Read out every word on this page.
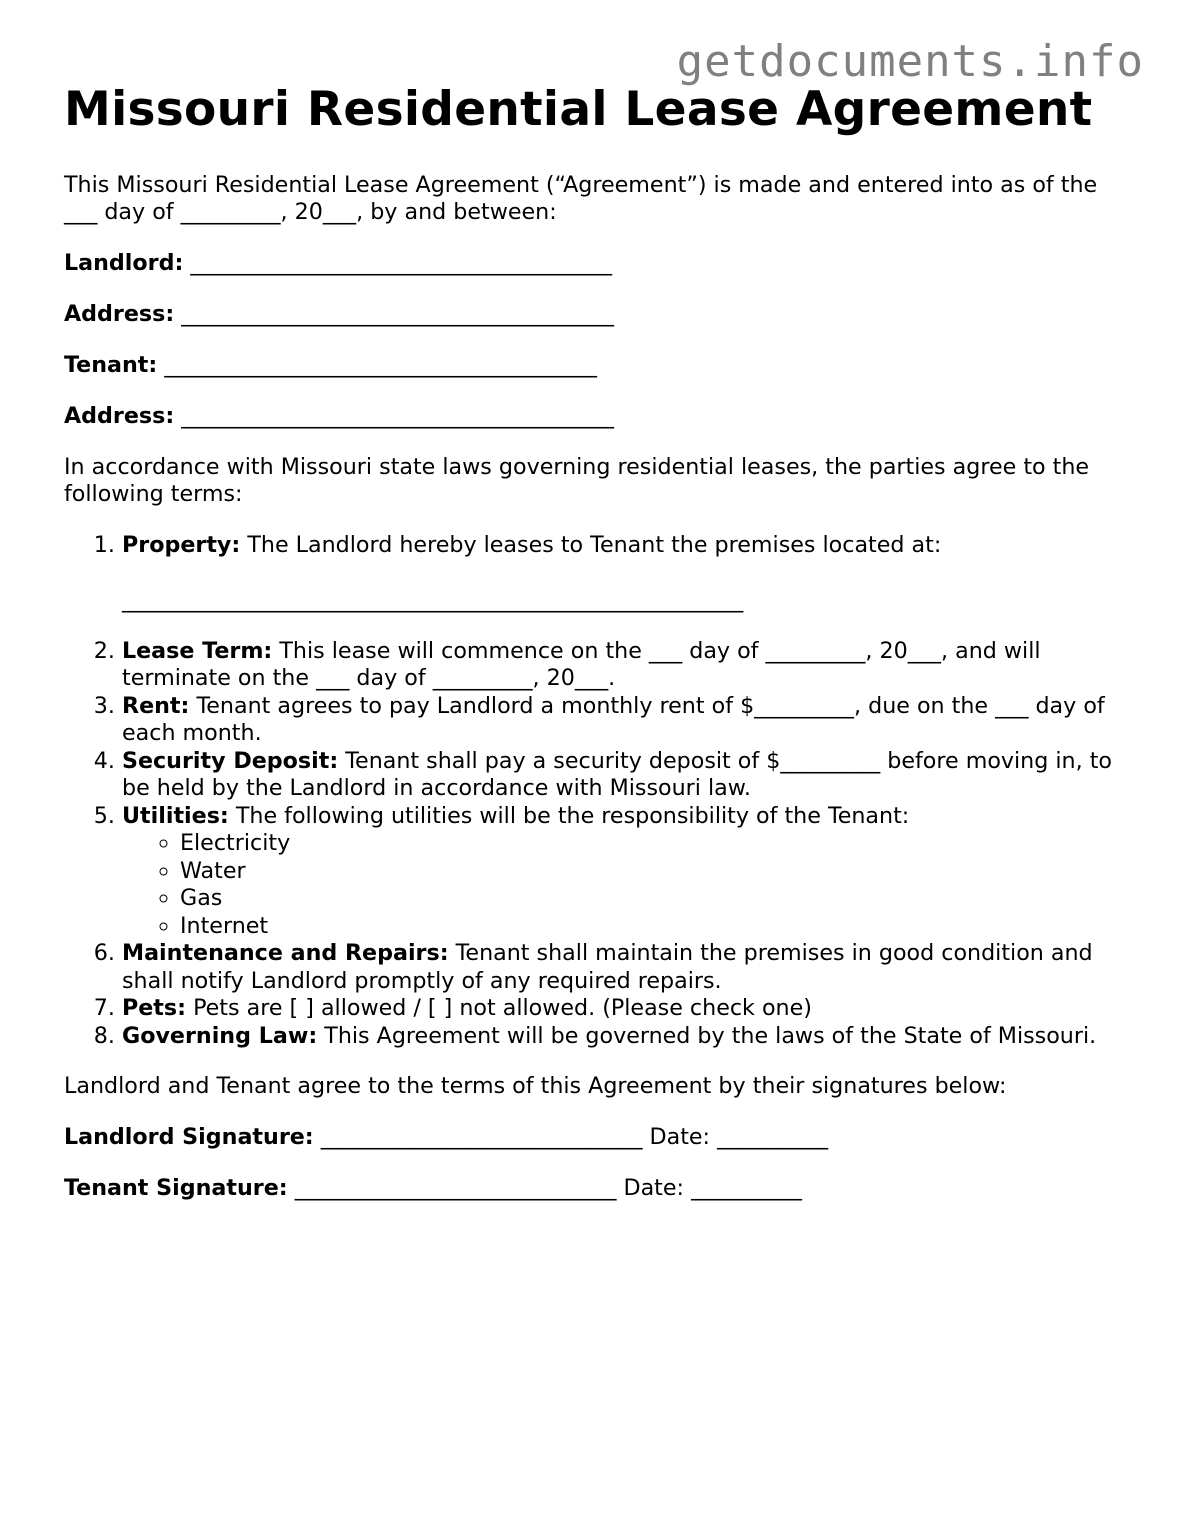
getdocuments.info
Missouri Residential Lease Agreement

This Missouri Residential Lease Agreement (“Agreement”) is made and entered into as of the ___ day of _________, 20___, by and between:

Landlord: ______________________________________

Address: _______________________________________

Tenant: _______________________________________

Address: _______________________________________

In accordance with Missouri state laws governing residential leases, the parties agree to the following terms:

1. Property: The Landlord hereby leases to Tenant the premises located at:
________________________________________________________
2. Lease Term: This lease will commence on the ___ day of _________, 20___, and will terminate on the ___ day of _________, 20___.
3. Rent: Tenant agrees to pay Landlord a monthly rent of $_________, due on the ___ day of each month.
4. Security Deposit: Tenant shall pay a security deposit of $_________ before moving in, to be held by the Landlord in accordance with Missouri law.
5. Utilities: The following utilities will be the responsibility of the Tenant:
◦ Electricity
◦ Water
◦ Gas
◦ Internet
6. Maintenance and Repairs: Tenant shall maintain the premises in good condition and shall notify Landlord promptly of any required repairs.
7. Pets: Pets are [ ] allowed / [ ] not allowed. (Please check one)
8. Governing Law: This Agreement will be governed by the laws of the State of Missouri.

Landlord and Tenant agree to the terms of this Agreement by their signatures below:

Landlord Signature: _____________________________ Date: __________

Tenant Signature: _____________________________ Date: __________
